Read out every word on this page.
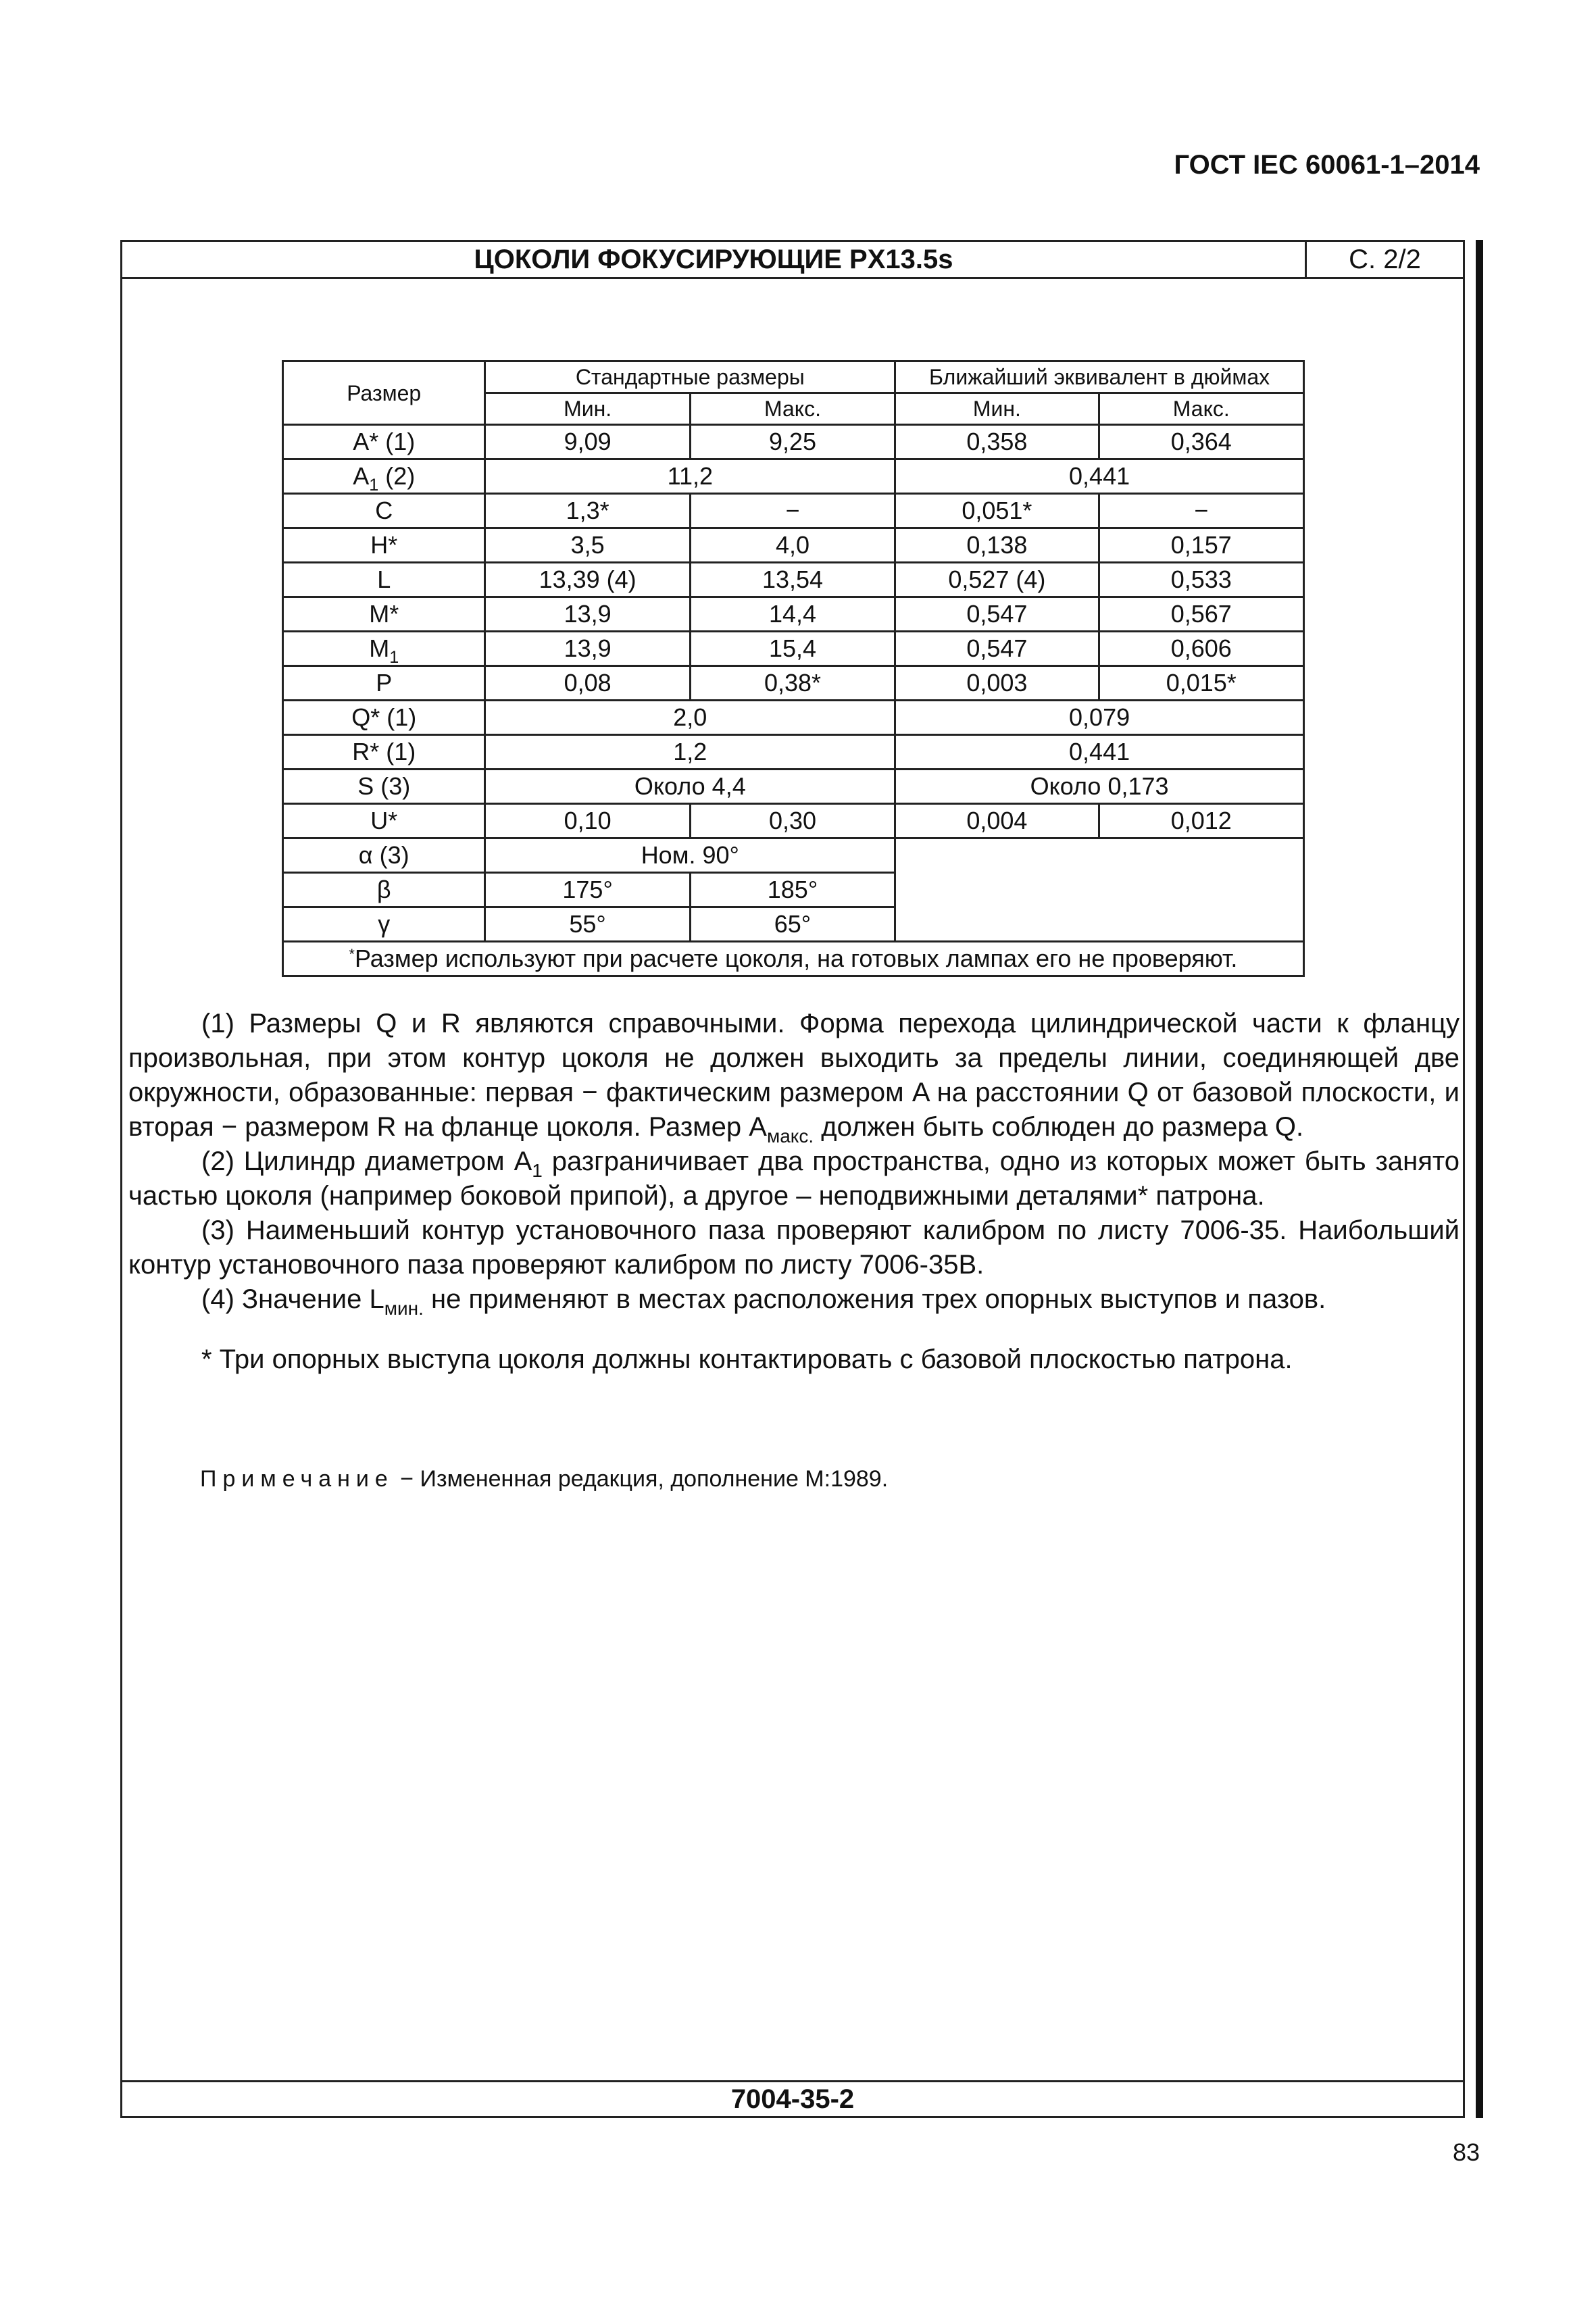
ГОСТ IEC 60061-1–2014
ЦОКОЛИ ФОКУСИРУЮЩИЕ PX13.5s	С. 2/2
7004-35-2
Размер	Стандартные размеры		Ближайший эквивалент в дюймах	
	Мин.	Макс.	Мин.	Макс.
A* (1)	9,09	9,25	0,358	0,364
$A_1$ (2)	11,2		0,441	
C	1,3*	−	0,051*	−
H*	3,5	4,0	0,138	0,157
L	13,39 (4)	13,54	0,527 (4)	0,533
M*	13,9	14,4	0,547	0,567
$M_1$	13,9	15,4	0,547	0,606
P	0,08	0,38*	0,003	0,015*
Q* (1)	2,0		0,079	
R* (1)	1,2		0,441	
S (3)	Около 4,4		Около 0,173	
U*	0,10	0,30	0,004	0,012
α (3)	Ном. 90°			
β	175°	185°		
γ	55°	65°		
*Размер используют при расчете цоколя, на готовых лампах его не проверяют.				

(1) Размеры Q и R являются справочными. Форма перехода цилиндрической части к фланцу произвольная, при этом контур цоколя не должен выходить за пределы линии, соединяющей две окружности, образованные: первая − фактическим размером A на расстоянии Q от базовой плоскости, и вторая − размером R на фланце цоколя. Размер $A_{макс.}$ должен быть соблюден до размера Q.

(2) Цилиндр диаметром $A_1$ разграничивает два пространства, одно из которых может быть занято частью цоколя (например боковой припой), а другое – неподвижными деталями* патрона.

(3) Наименьший контур установочного паза проверяют калибром по листу 7006-35. Наибольший контур установочного паза проверяют калибром по листу 7006-35B.

(4) Значение $L_{мин.}$ не применяют в местах расположения трех опорных выступов и пазов.

* Три опорных выступа цоколя должны контактировать с базовой плоскостью патрона.

Примечание − Измененная редакция, дополнение M:1989.
83
